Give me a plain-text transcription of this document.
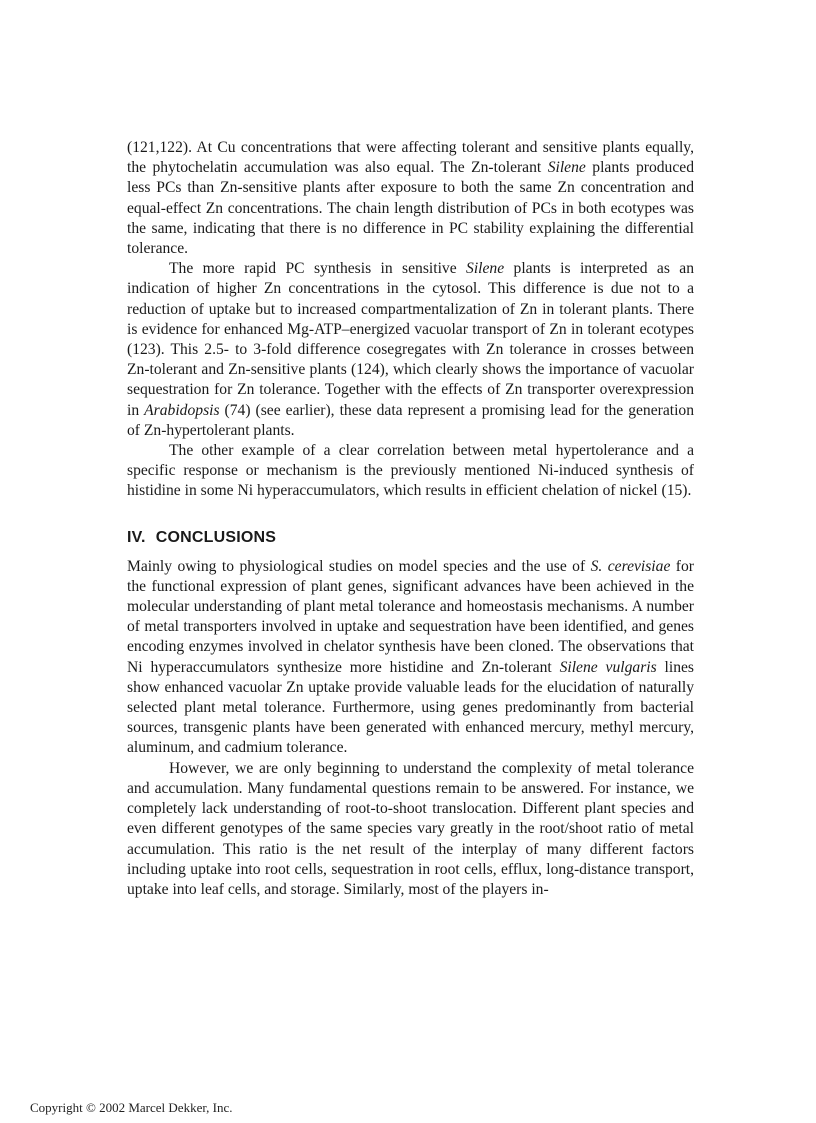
(121,122). At Cu concentrations that were affecting tolerant and sensitive plants equally, the phytochelatin accumulation was also equal. The Zn-tolerant Silene plants produced less PCs than Zn-sensitive plants after exposure to both the same Zn concentration and equal-effect Zn concentrations. The chain length distribution of PCs in both ecotypes was the same, indicating that there is no difference in PC stability explaining the differential tolerance.

The more rapid PC synthesis in sensitive Silene plants is interpreted as an indication of higher Zn concentrations in the cytosol. This difference is due not to a reduction of uptake but to increased compartmentalization of Zn in tolerant plants. There is evidence for enhanced Mg-ATP–energized vacuolar transport of Zn in tolerant ecotypes (123). This 2.5- to 3-fold difference cosegregates with Zn tolerance in crosses between Zn-tolerant and Zn-sensitive plants (124), which clearly shows the importance of vacuolar sequestration for Zn tolerance. Together with the effects of Zn transporter overexpression in Arabidopsis (74) (see earlier), these data represent a promising lead for the generation of Zn-hypertolerant plants.

The other example of a clear correlation between metal hypertolerance and a specific response or mechanism is the previously mentioned Ni-induced synthesis of histidine in some Ni hyperaccumulators, which results in efficient chelation of nickel (15).

IV. CONCLUSIONS

Mainly owing to physiological studies on model species and the use of S. cerevisiae for the functional expression of plant genes, significant advances have been achieved in the molecular understanding of plant metal tolerance and homeostasis mechanisms. A number of metal transporters involved in uptake and sequestration have been identified, and genes encoding enzymes involved in chelator synthesis have been cloned. The observations that Ni hyperaccumulators synthesize more histidine and Zn-tolerant Silene vulgaris lines show enhanced vacuolar Zn uptake provide valuable leads for the elucidation of naturally selected plant metal tolerance. Furthermore, using genes predominantly from bacterial sources, transgenic plants have been generated with enhanced mercury, methyl mercury, aluminum, and cadmium tolerance.

However, we are only beginning to understand the complexity of metal tolerance and accumulation. Many fundamental questions remain to be answered. For instance, we completely lack understanding of root-to-shoot translocation. Different plant species and even different genotypes of the same species vary greatly in the root/shoot ratio of metal accumulation. This ratio is the net result of the interplay of many different factors including uptake into root cells, sequestration in root cells, efflux, long-distance transport, uptake into leaf cells, and storage. Similarly, most of the players in-

Copyright © 2002 Marcel Dekker, Inc.
